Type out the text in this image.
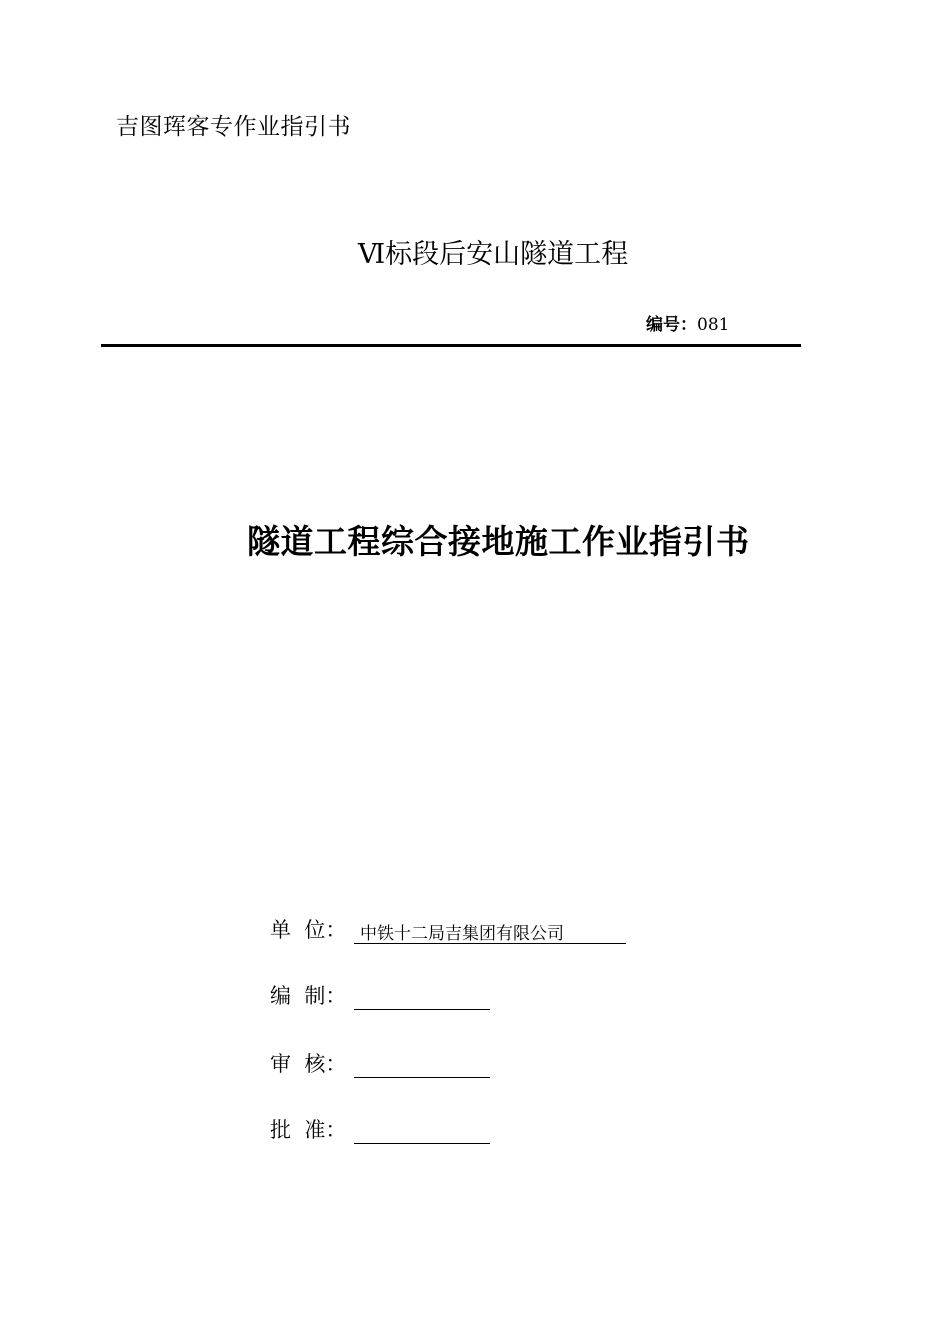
吉图珲客专作业指引书
Ⅵ标段后安山隧道工程
编号：081
隧道工程综合接地施工作业指引书
单  位： 中铁十二局吉集团有限公司
编  制：
审  核：
批  准：
